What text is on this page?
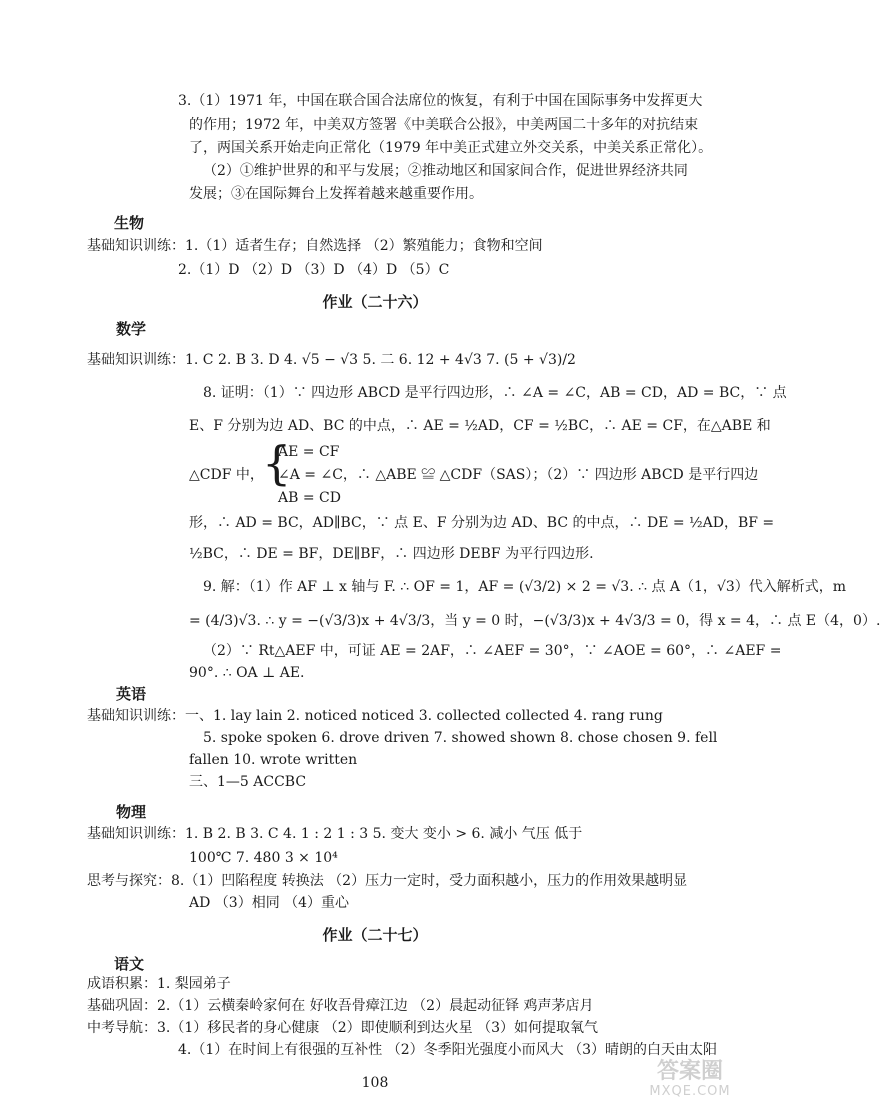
3.（1）1971 年，中国在联合国合法席位的恢复，有利于中国在国际事务中发挥更大
的作用；1972 年，中美双方签署《中美联合公报》，中美两国二十多年的对抗结束
了，两国关系开始走向正常化（1979 年中美正式建立外交关系，中美关系正常化）。
（2）①维护世界的和平与发展；②推动地区和国家间合作，促进世界经济共同
发展；③在国际舞台上发挥着越来越重要作用。
生物
基础知识训练：1.（1）适者生存；自然选择 （2）繁殖能力；食物和空间
2.（1）D （2）D （3）D （4）D （5）C
作业（二十六）
数学
基础知识训练：1. C 2. B 3. D 4. √5 − √3 5. 二 6. 12 + 4√3 7. (5 + √3)/2
8. 证明：（1）∵ 四边形 ABCD 是平行四边形，∴ ∠A = ∠C，AB = CD，AD = BC，∵ 点
E、F 分别为边 AD、BC 的中点，∴ AE = ½AD，CF = ½BC，∴ AE = CF，在△ABE 和
AE = CF
△CDF 中，
{
∠A = ∠C，∴ △ABE ≌ △CDF（SAS）；（2）∵ 四边形 ABCD 是平行四边
AB = CD
形，∴ AD = BC，AD∥BC，∵ 点 E、F 分别为边 AD、BC 的中点，∴ DE = ½AD，BF =
½BC，∴ DE = BF，DE∥BF，∴ 四边形 DEBF 为平行四边形.
9. 解：（1）作 AF ⊥ x 轴与 F. ∴ OF = 1，AF = (√3/2) × 2 = √3. ∴ 点 A（1，√3）代入解析式，m
= (4/3)√3. ∴ y = −(√3/3)x + 4√3/3，当 y = 0 时，−(√3/3)x + 4√3/3 = 0，得 x = 4，∴ 点 E（4，0）.
（2）∵ Rt△AEF 中，可证 AE = 2AF，∴ ∠AEF = 30°，∵ ∠AOE = 60°，∴ ∠AEF =
90°. ∴ OA ⊥ AE.
英语
基础知识训练：一、1. lay lain 2. noticed noticed 3. collected collected 4. rang rung
5. spoke spoken 6. drove driven 7. showed shown 8. chose chosen 9. fell
fallen 10. wrote written
三、1—5 ACCBC
物理
基础知识训练：1. B 2. B 3. C 4. 1 : 2 1 : 3 5. 变大 变小 > 6. 减小 气压 低于
100℃ 7. 480 3 × 10⁴
思考与探究：8.（1）凹陷程度 转换法 （2）压力一定时，受力面积越小，压力的作用效果越明显
AD （3）相同 （4）重心
作业（二十七）
语文
成语积累：1. 梨园弟子
基础巩固：2.（1）云横秦岭家何在 好收吾骨瘴江边 （2）晨起动征铎 鸡声茅店月
中考导航：3.（1）移民者的身心健康 （2）即使顺利到达火星 （3）如何提取氧气
4.（1）在时间上有很强的互补性 （2）冬季阳光强度小而风大 （3）晴朗的白天由太阳
108	答案圈
MXQE.COM
